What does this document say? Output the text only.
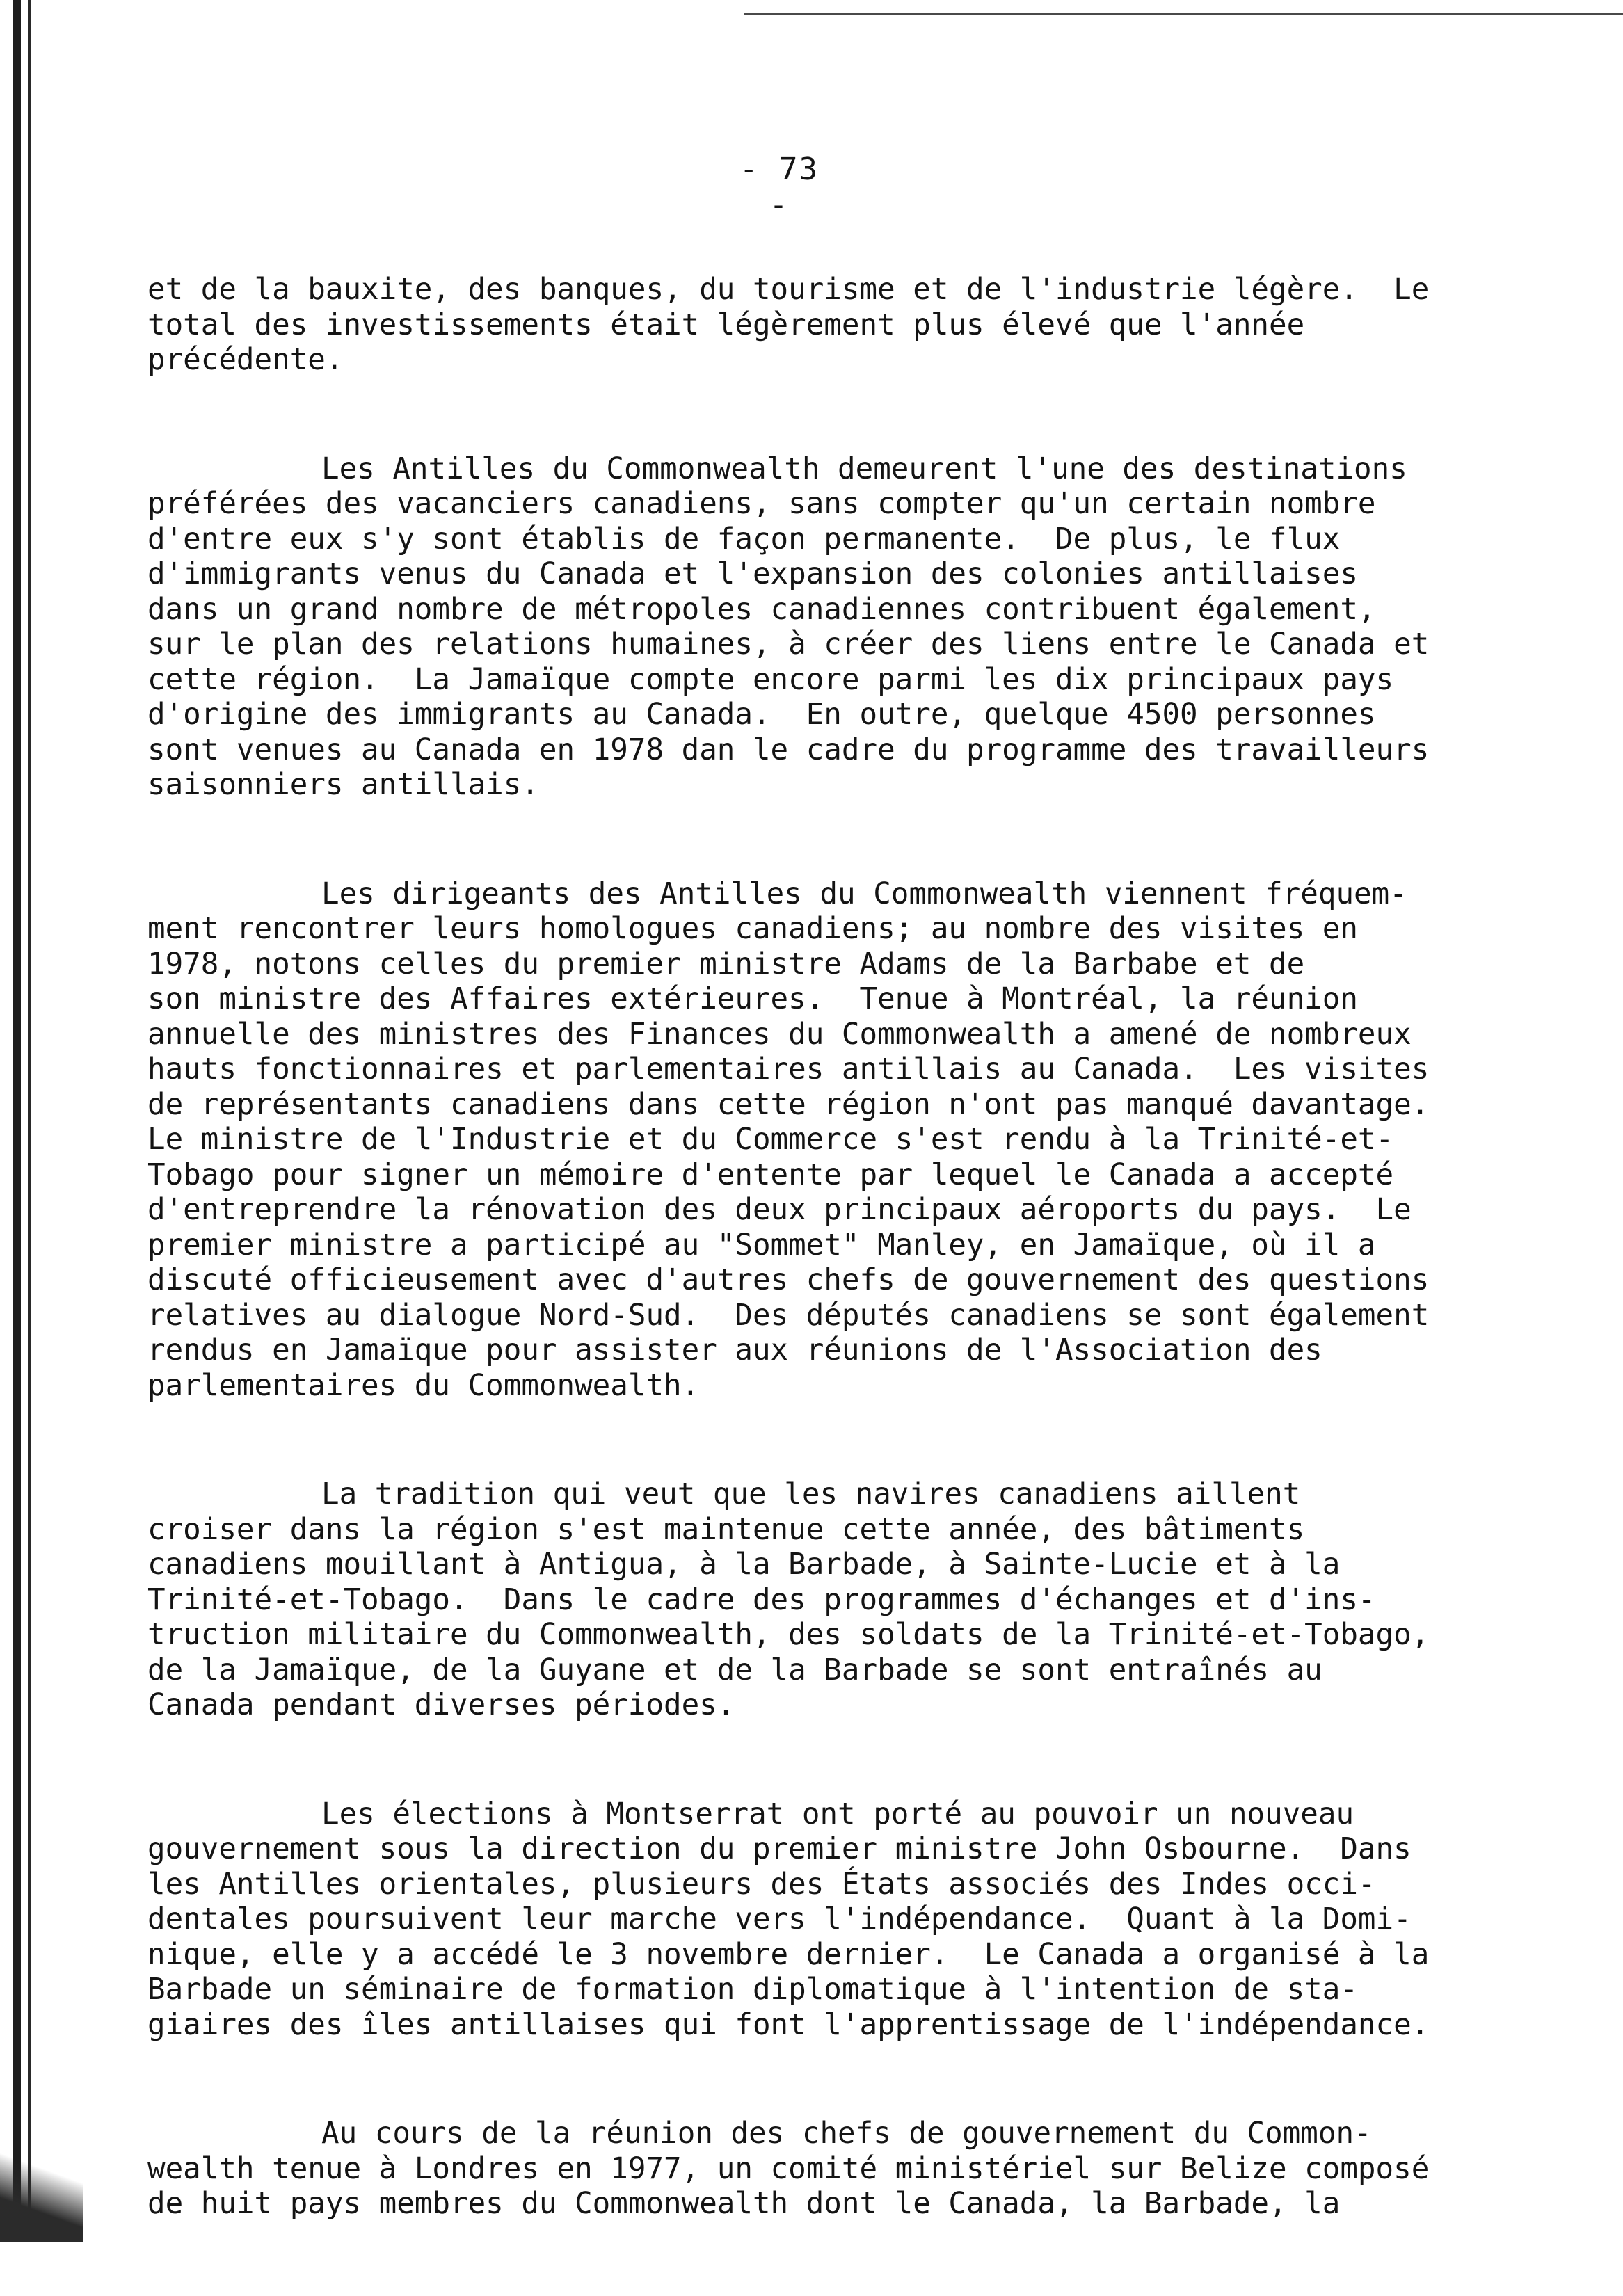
- 73 -
et de la bauxite, des banques, du tourisme et de l'industrie légère.  Le
total des investissements était légèrement plus élevé que l'année
précédente.
Les Antilles du Commonwealth demeurent l'une des destinations
préférées des vacanciers canadiens, sans compter qu'un certain nombre
d'entre eux s'y sont établis de façon permanente.  De plus, le flux
d'immigrants venus du Canada et l'expansion des colonies antillaises
dans un grand nombre de métropoles canadiennes contribuent également,
sur le plan des relations humaines, à créer des liens entre le Canada et
cette région.  La Jamaïque compte encore parmi les dix principaux pays
d'origine des immigrants au Canada.  En outre, quelque 4500 personnes
sont venues au Canada en 1978 dan le cadre du programme des travailleurs
saisonniers antillais.
Les dirigeants des Antilles du Commonwealth viennent fréquem-
ment rencontrer leurs homologues canadiens; au nombre des visites en
1978, notons celles du premier ministre Adams de la Barbabe et de
son ministre des Affaires extérieures.  Tenue à Montréal, la réunion
annuelle des ministres des Finances du Commonwealth a amené de nombreux
hauts fonctionnaires et parlementaires antillais au Canada.  Les visites
de représentants canadiens dans cette région n'ont pas manqué davantage.
Le ministre de l'Industrie et du Commerce s'est rendu à la Trinité-et-
Tobago pour signer un mémoire d'entente par lequel le Canada a accepté
d'entreprendre la rénovation des deux principaux aéroports du pays.  Le
premier ministre a participé au "Sommet" Manley, en Jamaïque, où il a
discuté officieusement avec d'autres chefs de gouvernement des questions
relatives au dialogue Nord-Sud.  Des députés canadiens se sont également
rendus en Jamaïque pour assister aux réunions de l'Association des
parlementaires du Commonwealth.
La tradition qui veut que les navires canadiens aillent
croiser dans la région s'est maintenue cette année, des bâtiments
canadiens mouillant à Antigua, à la Barbade, à Sainte-Lucie et à la
Trinité-et-Tobago.  Dans le cadre des programmes d'échanges et d'ins-
truction militaire du Commonwealth, des soldats de la Trinité-et-Tobago,
de la Jamaïque, de la Guyane et de la Barbade se sont entraînés au
Canada pendant diverses périodes.
Les élections à Montserrat ont porté au pouvoir un nouveau
gouvernement sous la direction du premier ministre John Osbourne.  Dans
les Antilles orientales, plusieurs des États associés des Indes occi-
dentales poursuivent leur marche vers l'indépendance.  Quant à la Domi-
nique, elle y a accédé le 3 novembre dernier.  Le Canada a organisé à la
Barbade un séminaire de formation diplomatique à l'intention de sta-
giaires des îles antillaises qui font l'apprentissage de l'indépendance.
Au cours de la réunion des chefs de gouvernement du Common-
wealth tenue à Londres en 1977, un comité ministériel sur Belize composé
de huit pays membres du Commonwealth dont le Canada, la Barbade, la
